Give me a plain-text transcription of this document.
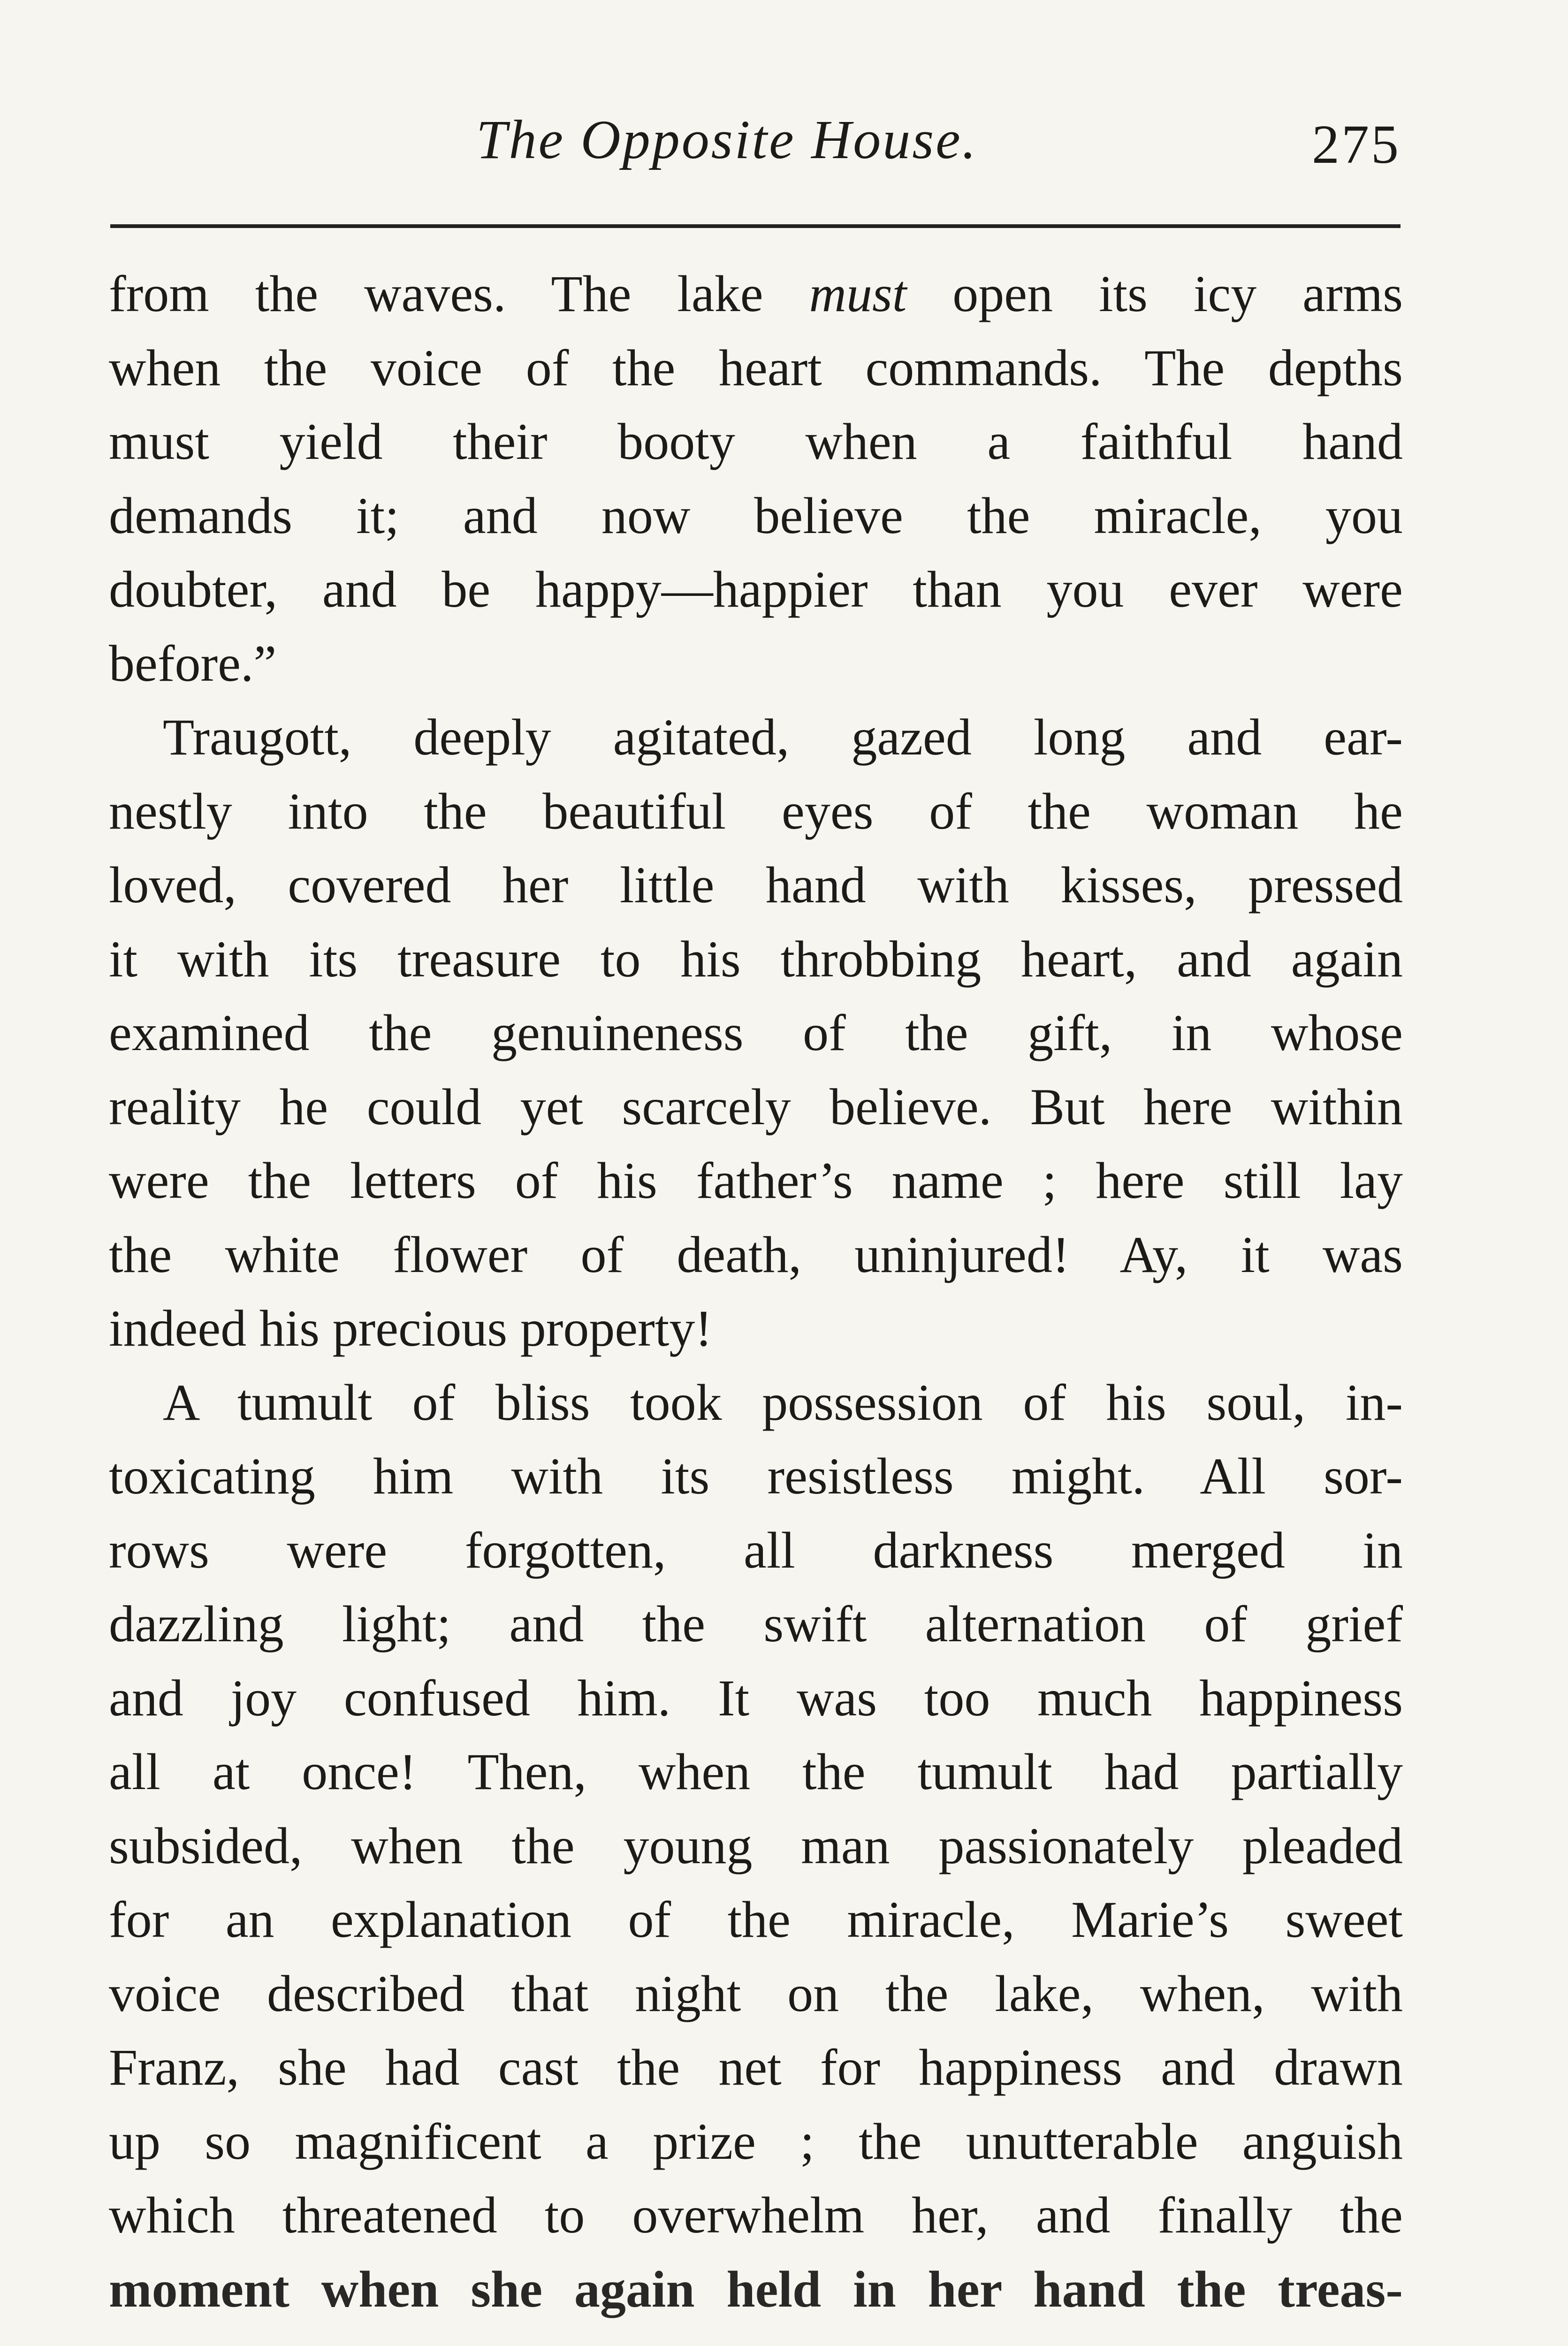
The Opposite House.	275
from the waves. The lake must open its icy arms
when the voice of the heart commands. The depths
must yield their booty when a faithful hand
demands it; and now believe the miracle, you
doubter, and be happy—happier than you ever were
before.”
Traugott, deeply agitated, gazed long and ear-
nestly into the beautiful eyes of the woman he
loved, covered her little hand with kisses, pressed
it with its treasure to his throbbing heart, and again
examined the genuineness of the gift, in whose
reality he could yet scarcely believe. But here within
were the letters of his father’s name ; here still lay
the white flower of death, uninjured! Ay, it was
indeed his precious property!
A tumult of bliss took possession of his soul, in-
toxicating him with its resistless might. All sor-
rows were forgotten, all darkness merged in
dazzling light; and the swift alternation of grief
and joy confused him. It was too much happiness
all at once! Then, when the tumult had partially
subsided, when the young man passionately pleaded
for an explanation of the miracle, Marie’s sweet
voice described that night on the lake, when, with
Franz, she had cast the net for happiness and drawn
up so magnificent a prize ; the unutterable anguish
which threatened to overwhelm her, and finally the
moment when she again held in her hand the treas-
